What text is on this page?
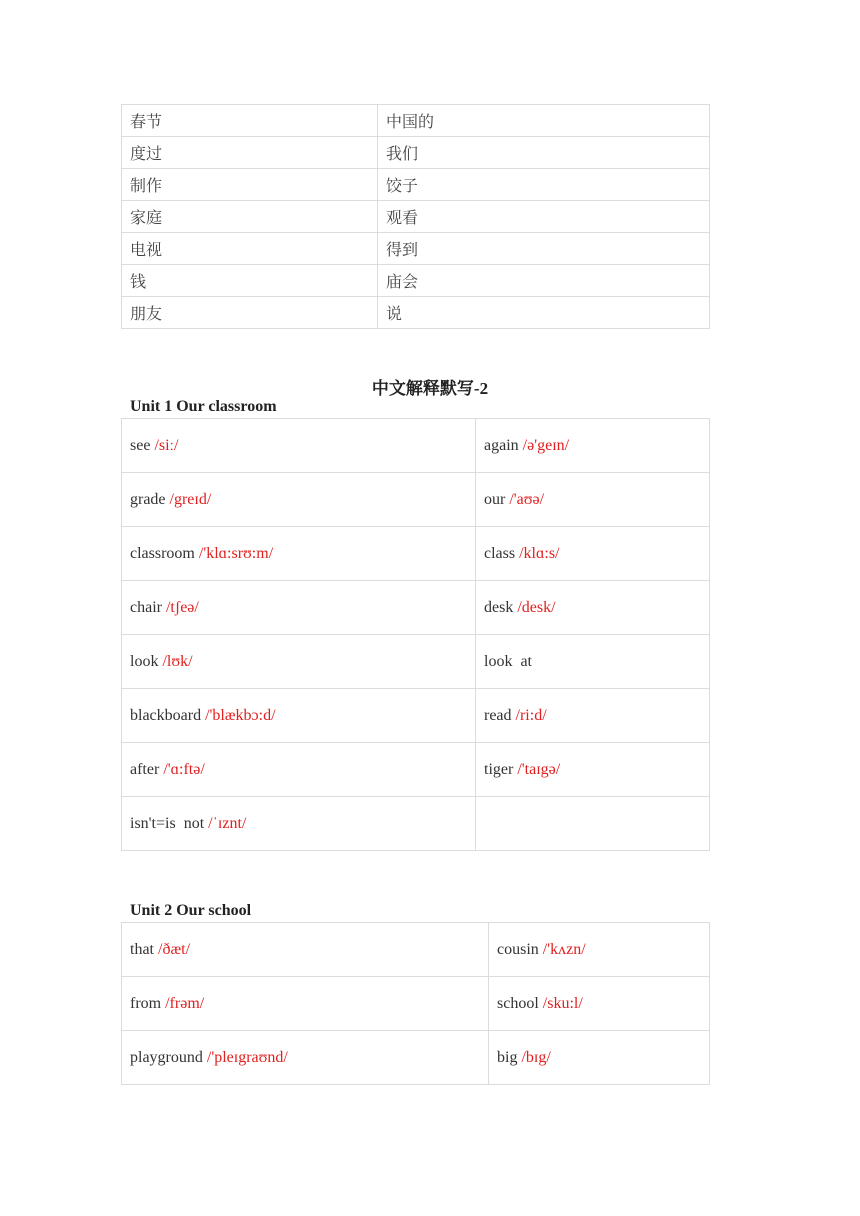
春节	中国的
度过	我们
制作	饺子
家庭	观看
电视	得到
钱	庙会
朋友	说
中文解释默写-2
Unit 1 Our classroom
see /siː/	again /ə'geɪn/
grade /greɪd/	our /'aʊə/
classroom /'klɑ:srʊ:m/	class /klɑ:s/
chair /tʃeə/	desk /desk/
look /lʊk/	look  at
blackboard /'blækbɔ:d/	read /ri:d/
after /'ɑ:ftə/	tiger /'taɪgə/
isn't=is  not /ˈɪznt/	
Unit 2 Our school
that /ðæt/	cousin /'kʌzn/
from /frəm/	school /sku:l/
playground /'pleɪgraʊnd/	big /bɪg/
